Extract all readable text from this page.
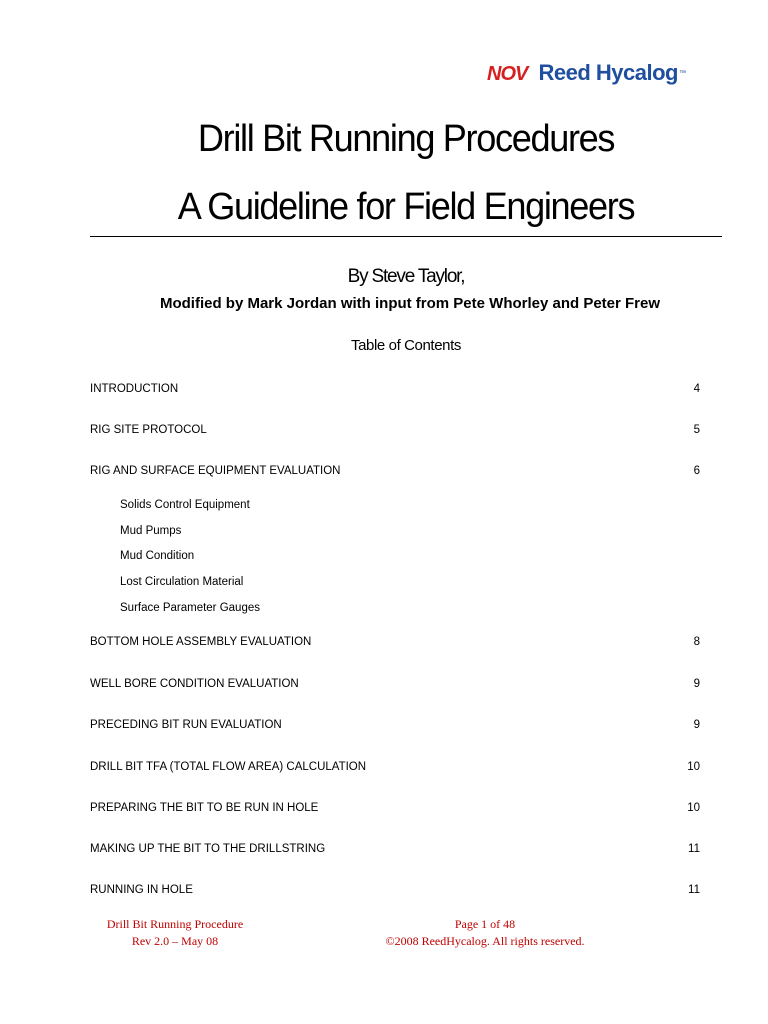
NOV Reed Hycalog ™
Drill Bit Running Procedures
A Guideline for Field Engineers
By Steve Taylor,
Modified by Mark Jordan with input from Pete Whorley and Peter Frew
Table of Contents
INTRODUCTION	4
RIG SITE PROTOCOL	5
RIG AND SURFACE EQUIPMENT EVALUATION	6
Solids Control Equipment
Mud Pumps
Mud Condition
Lost Circulation Material
Surface Parameter Gauges
BOTTOM HOLE ASSEMBLY EVALUATION	8
WELL BORE CONDITION EVALUATION	9
PRECEDING BIT RUN EVALUATION	9
DRILL BIT TFA (TOTAL FLOW AREA) CALCULATION	10
PREPARING THE BIT TO BE RUN IN HOLE	10
MAKING UP THE BIT TO THE DRILLSTRING	11
RUNNING IN HOLE	11
Drill Bit Running Procedure
Rev 2.0 – May 08
Page 1 of 48
©2008 ReedHycalog. All rights reserved.
